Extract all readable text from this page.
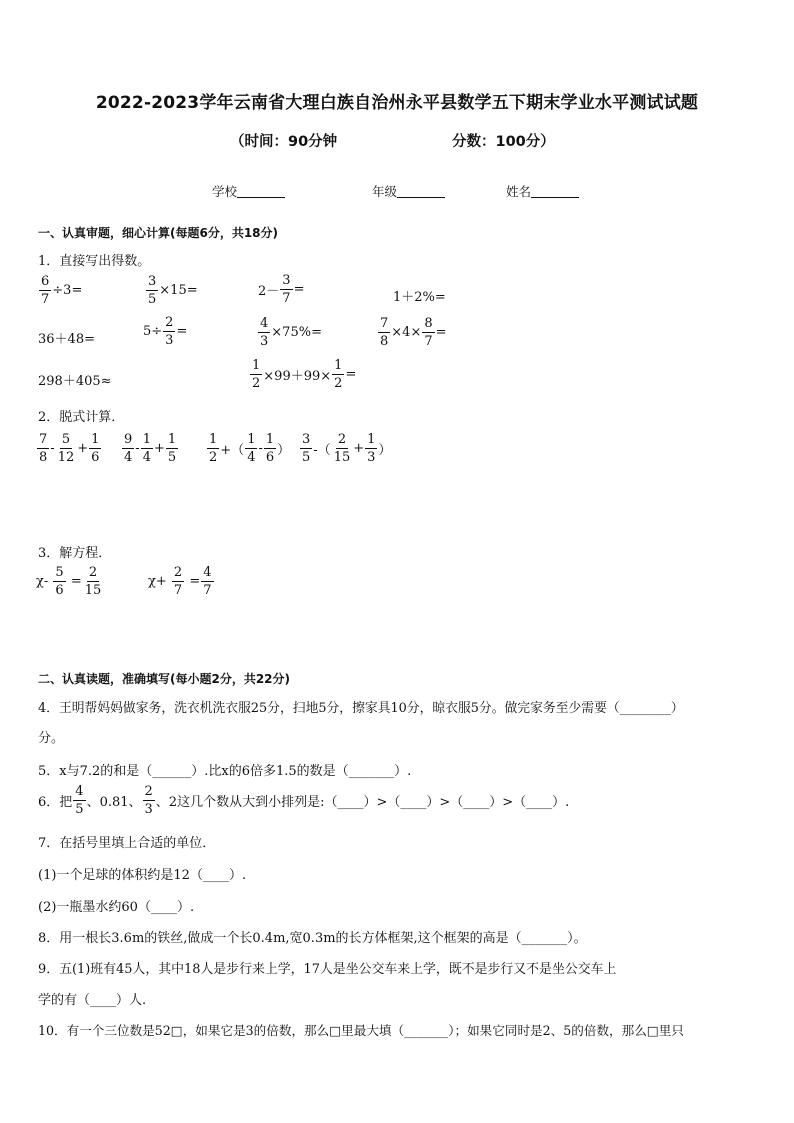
2022-2023学年云南省大理白族自治州永平县数学五下期末学业水平测试试题
（时间：90分钟	分数：100分）
学校	年级	姓名
一、认真审题，细心计算(每题6分，共18分)
1．直接写出得数。
$\frac{6}{7} \div 3=$	$\frac{3}{5} \times 15=$	$2- \frac{3}{7}$ =
1＋2%=
36＋48=
$5\div \frac{2}{3}$ =	$\frac{4}{3} \times 75\%=$	$\frac{7}{8} \times 4\times \frac{8}{7}$ =
298＋405≈	$\frac{1}{2} \times 99+99\times \frac{1}{2}$ =
2．脱式计算．
$\frac{7}{8} - \frac{5}{12} + \frac{1}{6} \frac{9}{4} - \frac{1}{4} + \frac{1}{5} \frac{1}{2}$ +（ $\frac{1}{4} - \frac{1}{6}$ ） $\frac{3}{5}$ -（ $\frac{2}{15} + \frac{1}{3}$ ）
3．解方程．
χ-
$\frac{5}{6}$
= $\frac{2}{15}$	χ+
$\frac{2}{7}$
= $\frac{4}{7}$
二、认真读题，准确填写(每小题2分，共22分)
4．王明帮妈妈做家务，洗衣机洗衣服25分，扫地5分，擦家具10分，晾衣服5分。做完家务至少需要（________）
分。
5．x与7.2的和是（______）.比x的6倍多1.5的数是（_______）.
6．把 $\frac{4}{5}$ 、0.81、 $\frac{2}{3}$ 、2这几个数从大到小排列是:（____）>（____）>（____）>（____）.
7．在括号里填上合适的单位．
(1)一个足球的体积约是12（____）.
(2)一瓶墨水约60（____）.
8．用一根长3.6m的铁丝,做成一个长0.4m,宽0.3m的长方体框架,这个框架的高是（_______）。
9．五(1)班有45人，其中18人是步行来上学，17人是坐公交车来上学，既不是步行又不是坐公交车上
学的有（____）人.
10．有一个三位数是52□，如果它是3的倍数，那么□里最大填（_______）；如果它同时是2、5的倍数，那么□里只
